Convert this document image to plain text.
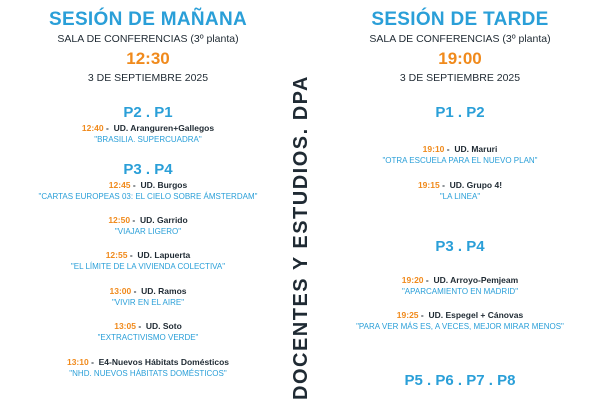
SESIÓN DE MAÑANA
SALA DE CONFERENCIAS (3º planta)
12:30
3 DE SEPTIEMBRE 2025
P2 . P1
12:40 -  UD. Aranguren+Gallegos
"BRASILIA. SUPERCUADRA"
P3 . P4
12:45 -  UD. Burgos
"CARTAS EUROPEAS 03: EL CIELO SOBRE ÁMSTERDAM"
12:50 -  UD. Garrido
"VIAJAR LIGERO"
12:55 -  UD. Lapuerta
"EL LÍMITE DE LA VIVIENDA COLECTIVA"
13:00 -  UD. Ramos
"VIVIR EN EL AIRE"
13:05 -  UD. Soto
"EXTRACTIVISMO VERDE"
13:10 -  E4-Nuevos Hábitats Domésticos
"NHD. NUEVOS HÁBITATS DOMÉSTICOS"	DOCENTES Y ESTUDIOS. DPA
SESIÓN DE TARDE
SALA DE CONFERENCIAS (3º planta)
19:00
3 DE SEPTIEMBRE 2025
P1 . P2
19:10 -  UD. Maruri
"OTRA ESCUELA PARA EL NUEVO PLAN"
19:15 -  UD. Grupo 4!
"LA LINEA"
P3 . P4
19:20 -  UD. Arroyo-Pemjeam
"APARCAMIENTO EN MADRID"
19:25 -  UD. Espegel + Cánovas
"PARA VER MÁS ES, A VECES, MEJOR MIRAR MENOS"
P5 . P6 . P7 . P8
